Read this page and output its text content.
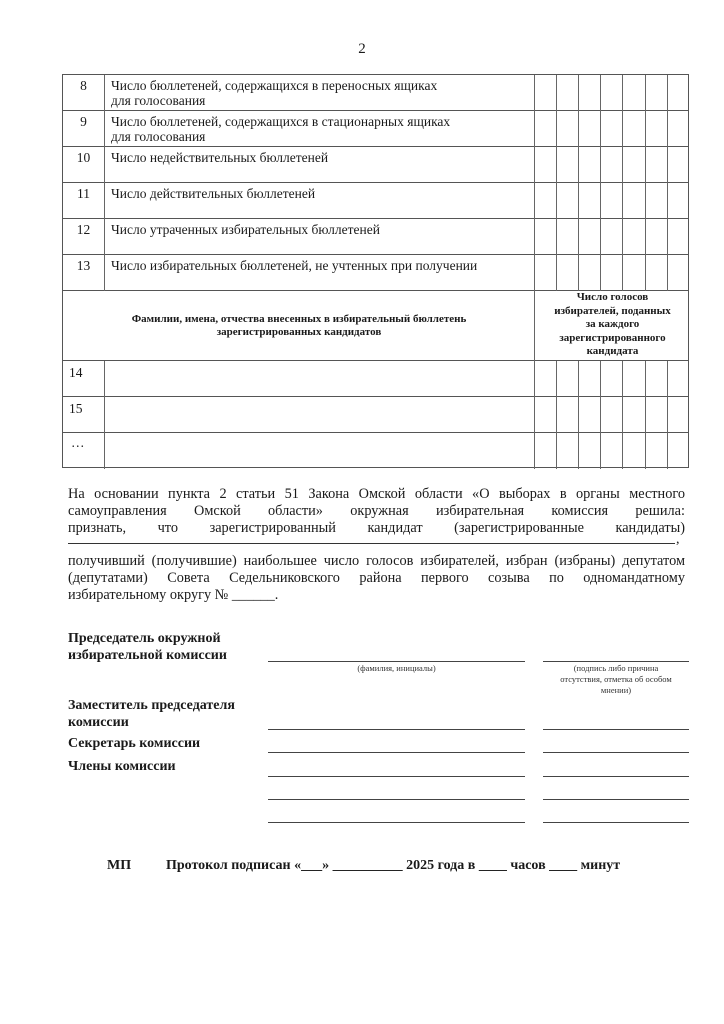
2
8	Число бюллетеней, содержащихся в переносных ящиках
для голосования
9	Число бюллетеней, содержащихся в стационарных ящиках
для голосования
10	Число недействительных бюллетеней
11	Число действительных бюллетеней
12	Число утраченных избирательных бюллетеней
13	Число избирательных бюллетеней, не учтенных при получении
Фамилии, имена, отчества внесенных в избирательный бюллетень
зарегистрированных кандидатов
Число голосов
избирателей, поданных
за каждого
зарегистрированного
кандидата
14
15
…
На основании пункта 2 статьи 51 Закона Омской области «О выборах в органы местного
самоуправления Омской области» окружная избирательная комиссия решила:
признать, что зарегистрированный кандидат (зарегистрированные кандидаты)
,
получивший (получившие) наибольшее число голосов избирателей, избран (избраны) депутатом
(депутатами) Совета Седельниковского района первого созыва по одномандатному
избирательному округу № ______.
Председатель окружной
избирательной комиссии
(фамилия, инициалы)	(подпись либо причина
отсутствия, отметка об особом
мнении)
Заместитель председателя
комиссии
Секретарь комиссии
Члены комиссии
МП Протокол подписан «___» __________ 2025 года в ____ часов ____ минут
